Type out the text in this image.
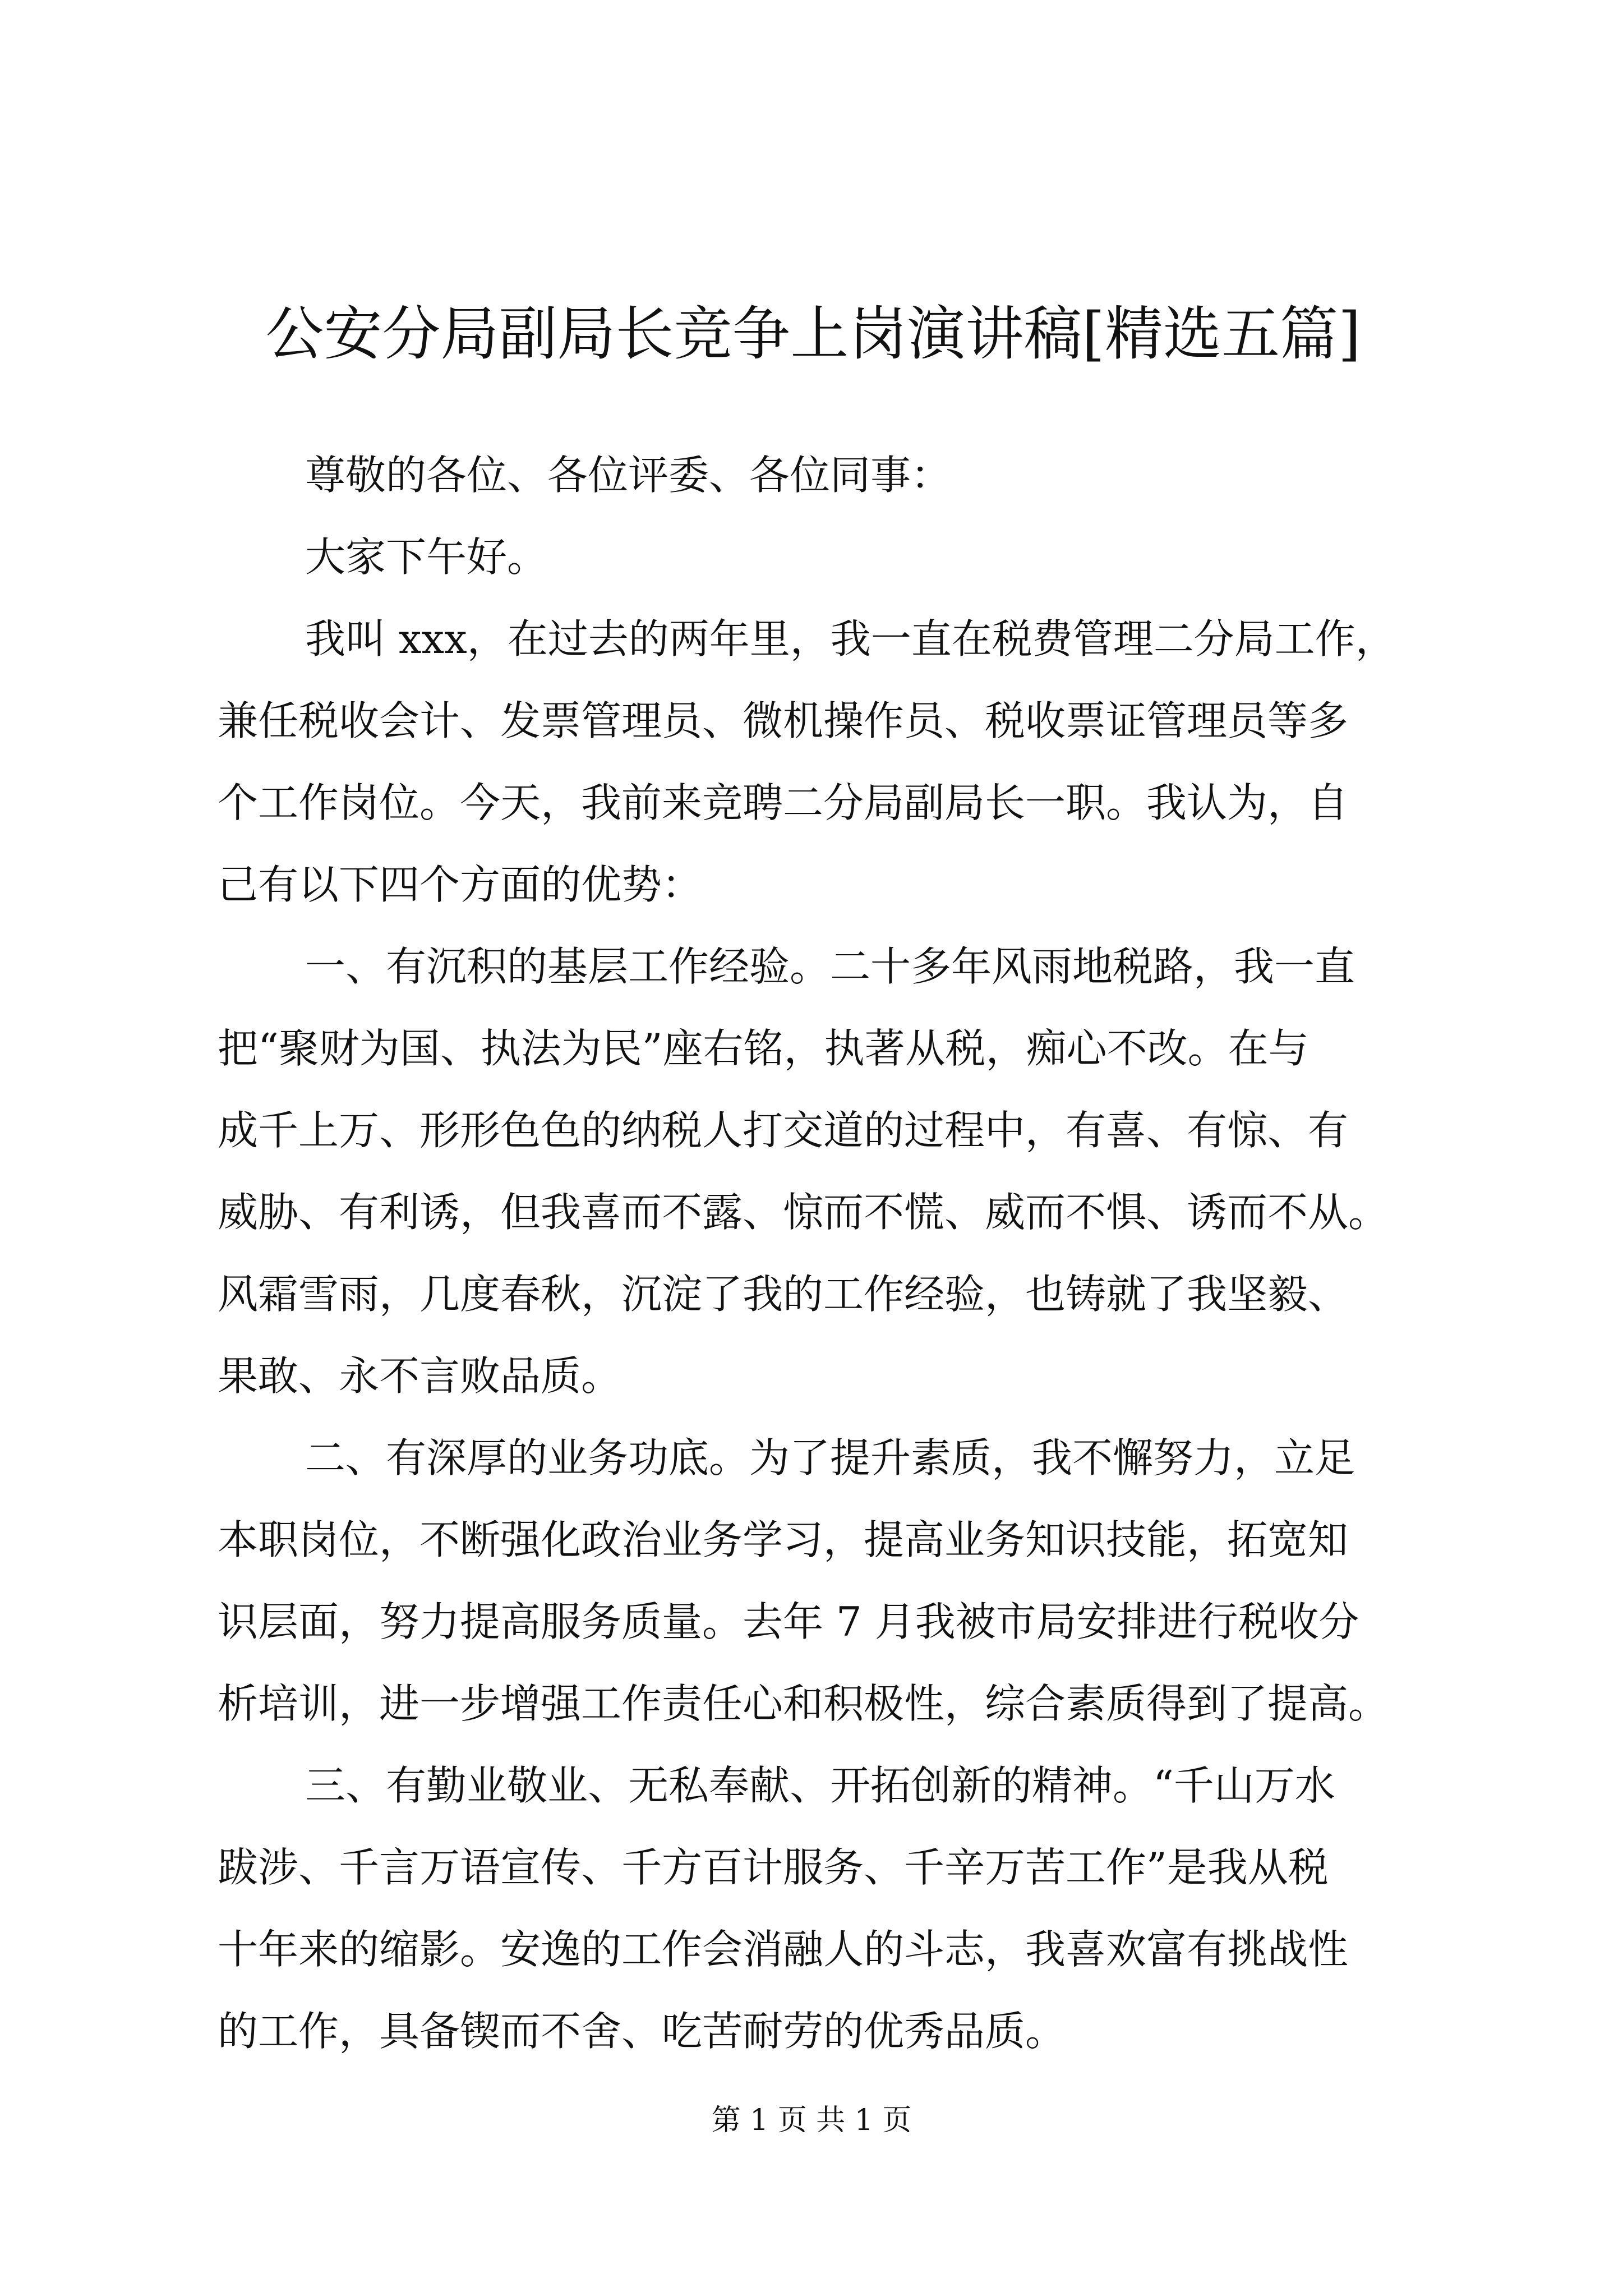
公安分局副局长竞争上岗演讲稿[精选五篇]
尊敬的各位、各位评委、各位同事：
大家下午好。
我叫 xxx，在过去的两年里，我一直在税费管理二分局工作，
兼任税收会计、发票管理员、微机操作员、税收票证管理员等多
个工作岗位。今天，我前来竞聘二分局副局长一职。我认为，自
己有以下四个方面的优势：
一、有沉积的基层工作经验。二十多年风雨地税路，我一直
把“聚财为国、执法为民”座右铭，执著从税，痴心不改。在与
成千上万、形形色色的纳税人打交道的过程中，有喜、有惊、有
威胁、有利诱，但我喜而不露、惊而不慌、威而不惧、诱而不从。
风霜雪雨，几度春秋，沉淀了我的工作经验，也铸就了我坚毅、
果敢、永不言败品质。
二、有深厚的业务功底。为了提升素质，我不懈努力，立足
本职岗位，不断强化政治业务学习，提高业务知识技能，拓宽知
识层面，努力提高服务质量。去年 7 月我被市局安排进行税收分
析培训，进一步增强工作责任心和积极性，综合素质得到了提高。
三、有勤业敬业、无私奉献、开拓创新的精神。“千山万水
跋涉、千言万语宣传、千方百计服务、千辛万苦工作”是我从税
十年来的缩影。安逸的工作会消融人的斗志，我喜欢富有挑战性
的工作，具备锲而不舍、吃苦耐劳的优秀品质。
第 1 页 共 1 页
